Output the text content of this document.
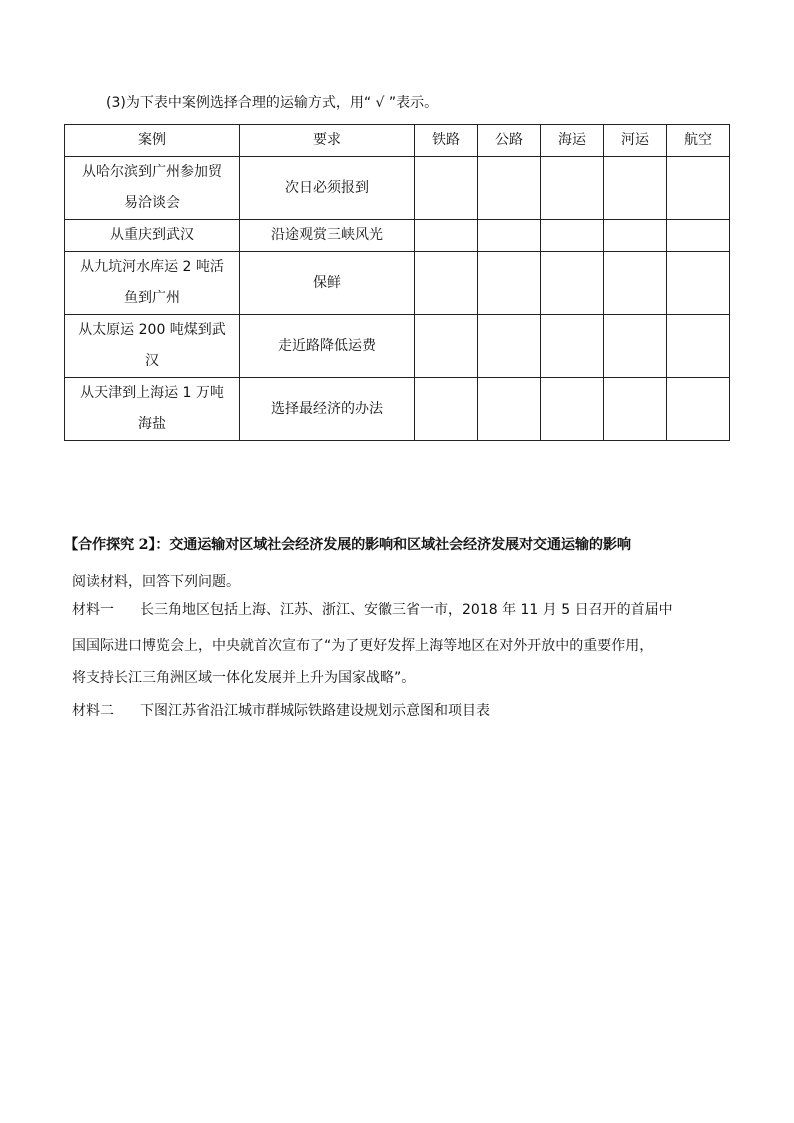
(3)为下表中案例选择合理的运输方式，用“ √ ”表示。
案例	要求	铁路	公路	海运	河运	航空

从哈尔滨到广州参加贸
易洽谈会	次日必须报到					

从重庆到武汉	沿途观赏三峡风光					

从九坑河水库运 2 吨活
鱼到广州	保鲜					

从太原运 200 吨煤到武
汉	走近路降低运费					

从天津到上海运 1 万吨
海盐	选择最经济的办法					
【合作探究 2】：交通运输对区域社会经济发展的影响和区域社会经济发展对交通运输的影响
阅读材料，回答下列问题。
材料一 长三角地区包括上海、江苏、浙江、安徽三省一市，2018 年 11 月 5 日召开的首届中
国国际进口博览会上，中央就首次宣布了“为了更好发挥上海等地区在对外开放中的重要作用，
将支持长江三角洲区域一体化发展并上升为国家战略”。
材料二 下图江苏省沿江城市群城际铁路建设规划示意图和项目表
